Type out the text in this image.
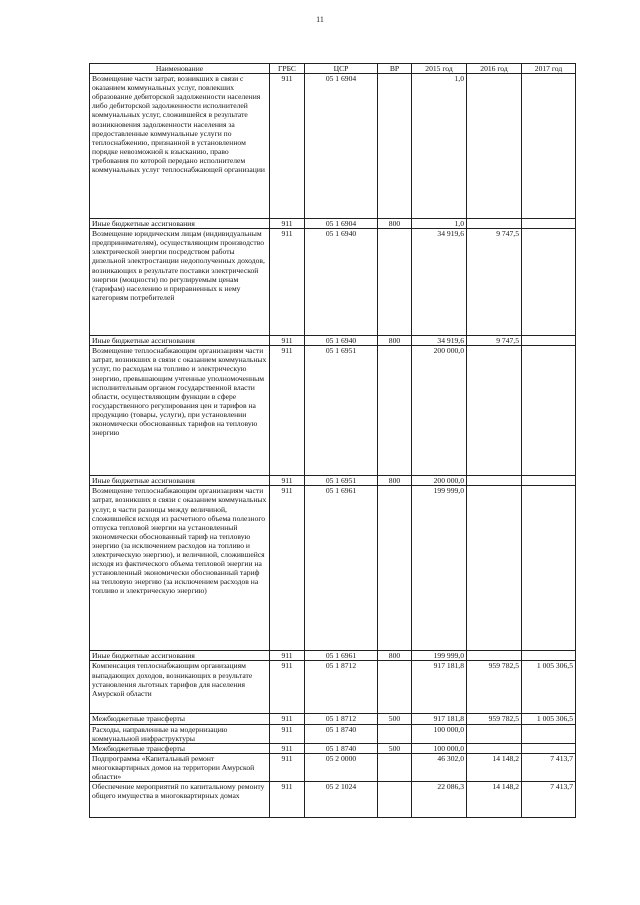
11
Наименование	ГРБС	ЦСР	ВР	2015 год	2016 год	2017 год
Возмещение части затрат, возникших в связи с оказанием коммунальных услуг, повлекших образование дебиторской задолженности населения либо дебиторской задолженности исполнителей коммунальных услуг, сложившейся в результате возникновения задолженности населения за предоставленные коммунальные услуги по теплоснабжению, признанной в установленном порядке невозможной к взысканию, право требования по которой передано исполнителем коммунальных услуг теплоснабжающей организации	911	05 1 6904		1,0		
Иные бюджетные ассигнования	911	05 1 6904	800	1,0		
Возмещение юридическим лицам (индивидуальным предпринимателям), осуществляющим производство электрической энергии посредством работы дизельной электростанции недополученных доходов, возникающих в результате поставки электрической энергии (мощности) по регулируемым ценам (тарифам) населению и приравненных к нему категориям потребителей	911	05 1 6940		34 919,6	9 747,5	
Иные бюджетные ассигнования	911	05 1 6940	800	34 919,6	9 747,5	
Возмещение теплоснабжающим организациям части затрат, возникших в связи с оказанием коммунальных услуг, по расходам на топливо и электрическую энергию, превышающим учтенные уполномоченным исполнительным органом государственной власти области, осуществляющим функции в сфере государственного регулирования цен и тарифов на продукцию (товары, услуги), при установлении экономически обоснованных тарифов на тепловую энергию	911	05 1 6951		200 000,0		
Иные бюджетные ассигнования	911	05 1 6951	800	200 000,0		
Возмещение теплоснабжающим организациям части затрат, возникших в связи с оказанием коммунальных услуг, в части разницы между величиной, сложившейся исходя из расчетного объема полезного отпуска тепловой энергии на установленный экономически обоснованный тариф на тепловую энергию (за исключением расходов на топливо и электрическую энергию), и величиной, сложившейся исходя из фактического объема тепловой энергии на установленный экономически обоснованный тариф на тепловую энергию (за исключением расходов на топливо и электрическую энергию)	911	05 1 6961		199 999,0		
Иные бюджетные ассигнования	911	05 1 6961	800	199 999,0		
Компенсация теплоснабжающим организациям выпадающих доходов, возникающих в результате установления льготных тарифов для населения Амурской области	911	05 1 8712		917 181,8	959 782,5	1 005 306,5
Межбюджетные трансферты	911	05 1 8712	500	917 181,8	959 782,5	1 005 306,5
Расходы, направленные на модернизацию коммунальной инфраструктуры	911	05 1 8740		100 000,0		
Межбюджетные трансферты	911	05 1 8740	500	100 000,0		
Подпрограмма «Капитальный ремонт многоквартирных домов на территории Амурской области»	911	05 2 0000		46 302,0	14 148,2	7 413,7
Обеспечение мероприятий по капитальному ремонту общего имущества в многоквартирных домах	911	05 2 1024		22 086,3	14 148,2	7 413,7
